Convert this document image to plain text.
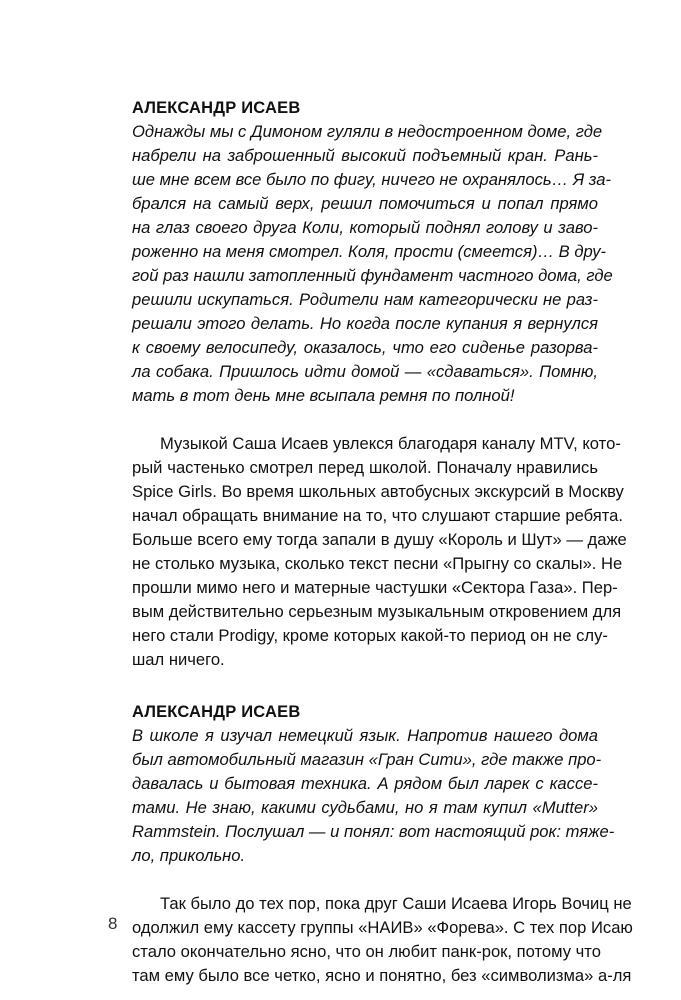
АЛЕКСАНДР ИСАЕВ
Однажды мы с Димоном гуляли в недостроенном доме, где
набрели на заброшенный высокий подъемный кран. Рань-
ше мне всем все было по фигу, ничего не охранялось… Я за-
брался на самый верх, решил помочиться и попал прямо
на глаз своего друга Коли, который поднял голову и заво-
роженно на меня смотрел. Коля, прости (смеется)… В дру-
гой раз нашли затопленный фундамент частного дома, где
решили искупаться. Родители нам категорически не раз-
решали этого делать. Но когда после купания я вернулся
к своему велосипеду, оказалось, что его сиденье разорва-
ла собака. Пришлось идти домой — «сдаваться». Помню,
мать в тот день мне всыпала ремня по полной!
Музыкой Саша Исаев увлекся благодаря каналу MTV, кото-
рый частенько смотрел перед школой. Поначалу нравились
Spice Girls. Во время школьных автобусных экскурсий в Москву
начал обращать внимание на то, что слушают старшие ребята.
Больше всего ему тогда запали в душу «Король и Шут» — даже
не столько музыка, сколько текст песни «Прыгну со скалы». Не
прошли мимо него и матерные частушки «Сектора Газа». Пер-
вым действительно серьезным музыкальным откровением для
него стали Prodigy, кроме которых какой-то период он не слу-
шал ничего.
АЛЕКСАНДР ИСАЕВ
В школе я изучал немецкий язык. Напротив нашего дома
был автомобильный магазин «Гран Сити», где также про-
давалась и бытовая техника. А рядом был ларек с кассе-
тами. Не знаю, какими судьбами, но я там купил «Mutter»
Rammstein. Послушал — и понял: вот настоящий рок: тяже-
ло, прикольно.
Так было до тех пор, пока друг Саши Исаева Игорь Вочиц не
одолжил ему кассету группы «НАИВ» «Форева». С тех пор Исаю
стало окончательно ясно, что он любит панк-рок, потому что
там ему было все четко, ясно и понятно, без «символизма» а-ля
8
